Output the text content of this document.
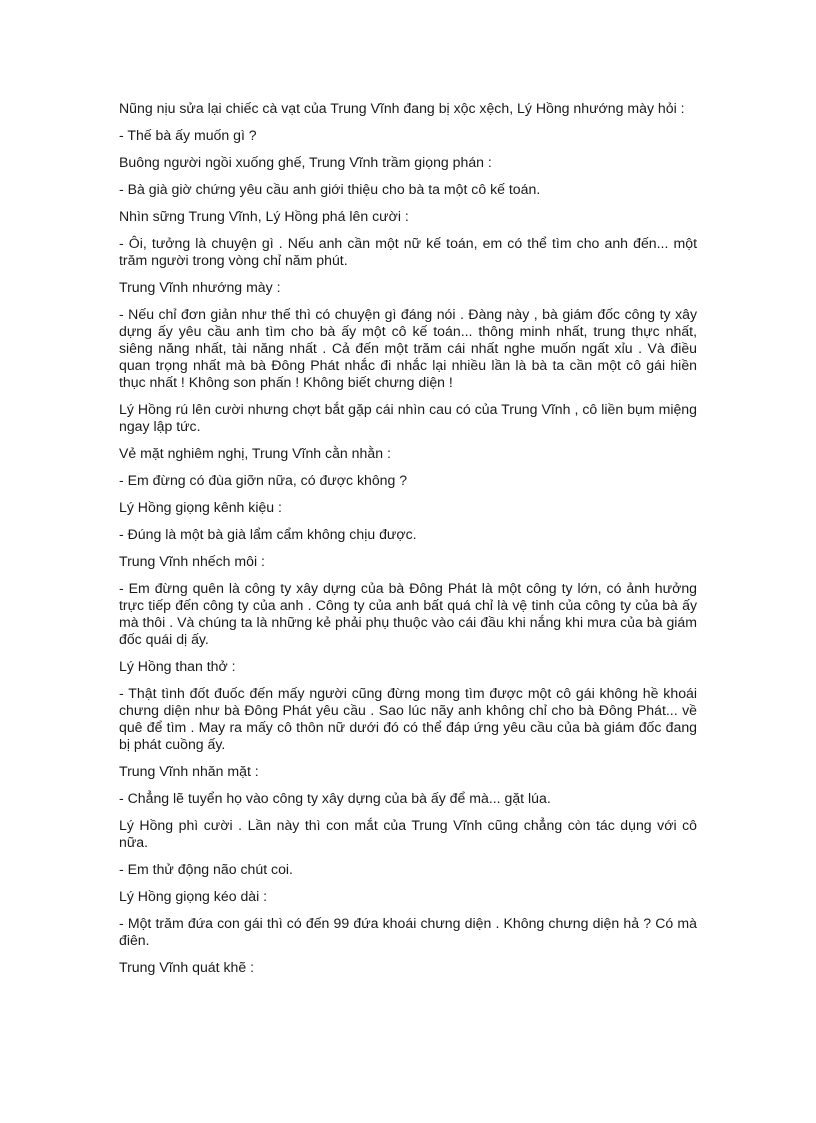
Nũng nịu sửa lại chiếc cà vạt của Trung Vĩnh đang bị xộc xệch, Lý Hồng nhướng mày hỏi :

- Thế bà ấy muốn gì ?

Buông người ngồi xuống ghế, Trung Vĩnh trầm giọng phán :

- Bà già giờ chứng yêu cầu anh giới thiệu cho bà ta một cô kế toán.

Nhìn sững Trung Vĩnh, Lý Hồng phá lên cười :

- Ôi, tưởng là chuyện gì . Nếu anh cần một nữ kế toán, em có thể tìm cho anh đến... một trăm người trong vòng chỉ năm phút.

Trung Vĩnh nhướng mày :

- Nếu chỉ đơn giản như thế thì có chuyện gì đáng nói . Đàng này , bà giám đốc công ty xây dựng ấy yêu cầu anh tìm cho bà ấy một cô kế toán... thông minh nhất, trung thực nhất, siêng năng nhất, tài năng nhất . Cả đến một trăm cái nhất nghe muốn ngất xỉu . Và điều quan trọng nhất mà bà Đông Phát nhắc đi nhắc lại nhiều lần là bà ta cần một cô gái hiền thục nhất ! Không son phấn ! Không biết chưng diện !

Lý Hồng rú lên cười nhưng chợt bắt gặp cái nhìn cau có của Trung Vĩnh , cô liền bụm miệng ngay lập tức.

Vẻ mặt nghiêm nghị, Trung Vĩnh cằn nhằn :

- Em đừng có đùa giỡn nữa, có được không ?

Lý Hồng giọng kênh kiệu :

- Đúng là một bà già lẩm cẩm không chịu được.

Trung Vĩnh nhếch môi :

- Em đừng quên là công ty xây dựng của bà Đông Phát là một công ty lớn, có ảnh hưởng trực tiếp đến công ty của anh . Công ty của anh bất quá chỉ là vệ tinh của công ty của bà ấy mà thôi . Và chúng ta là những kẻ phải phụ thuộc vào cái đầu khi nắng khi mưa của bà giám đốc quái dị ấy.

Lý Hồng than thở :

- Thật tình đốt đuốc đến mấy người cũng đừng mong tìm được một cô gái không hề khoái chưng diện như bà Đông Phát yêu cầu . Sao lúc nãy anh không chỉ cho bà Đông Phát... về quê để tìm . May ra mấy cô thôn nữ dưới đó có thể đáp ứng yêu cầu của bà giám đốc đang bị phát cuồng ấy.

Trung Vĩnh nhăn mặt :

- Chẳng lẽ tuyển họ vào công ty xây dựng của bà ấy để mà... gặt lúa.

Lý Hồng phì cười . Lần này thì con mắt của Trung Vĩnh cũng chẳng còn tác dụng với cô nữa.

- Em thử động não chút coi.

Lý Hồng giọng kéo dài :

- Một trăm đứa con gái thì có đến 99 đứa khoái chưng diện . Không chưng diện hả ? Có mà điên.

Trung Vĩnh quát khẽ :
